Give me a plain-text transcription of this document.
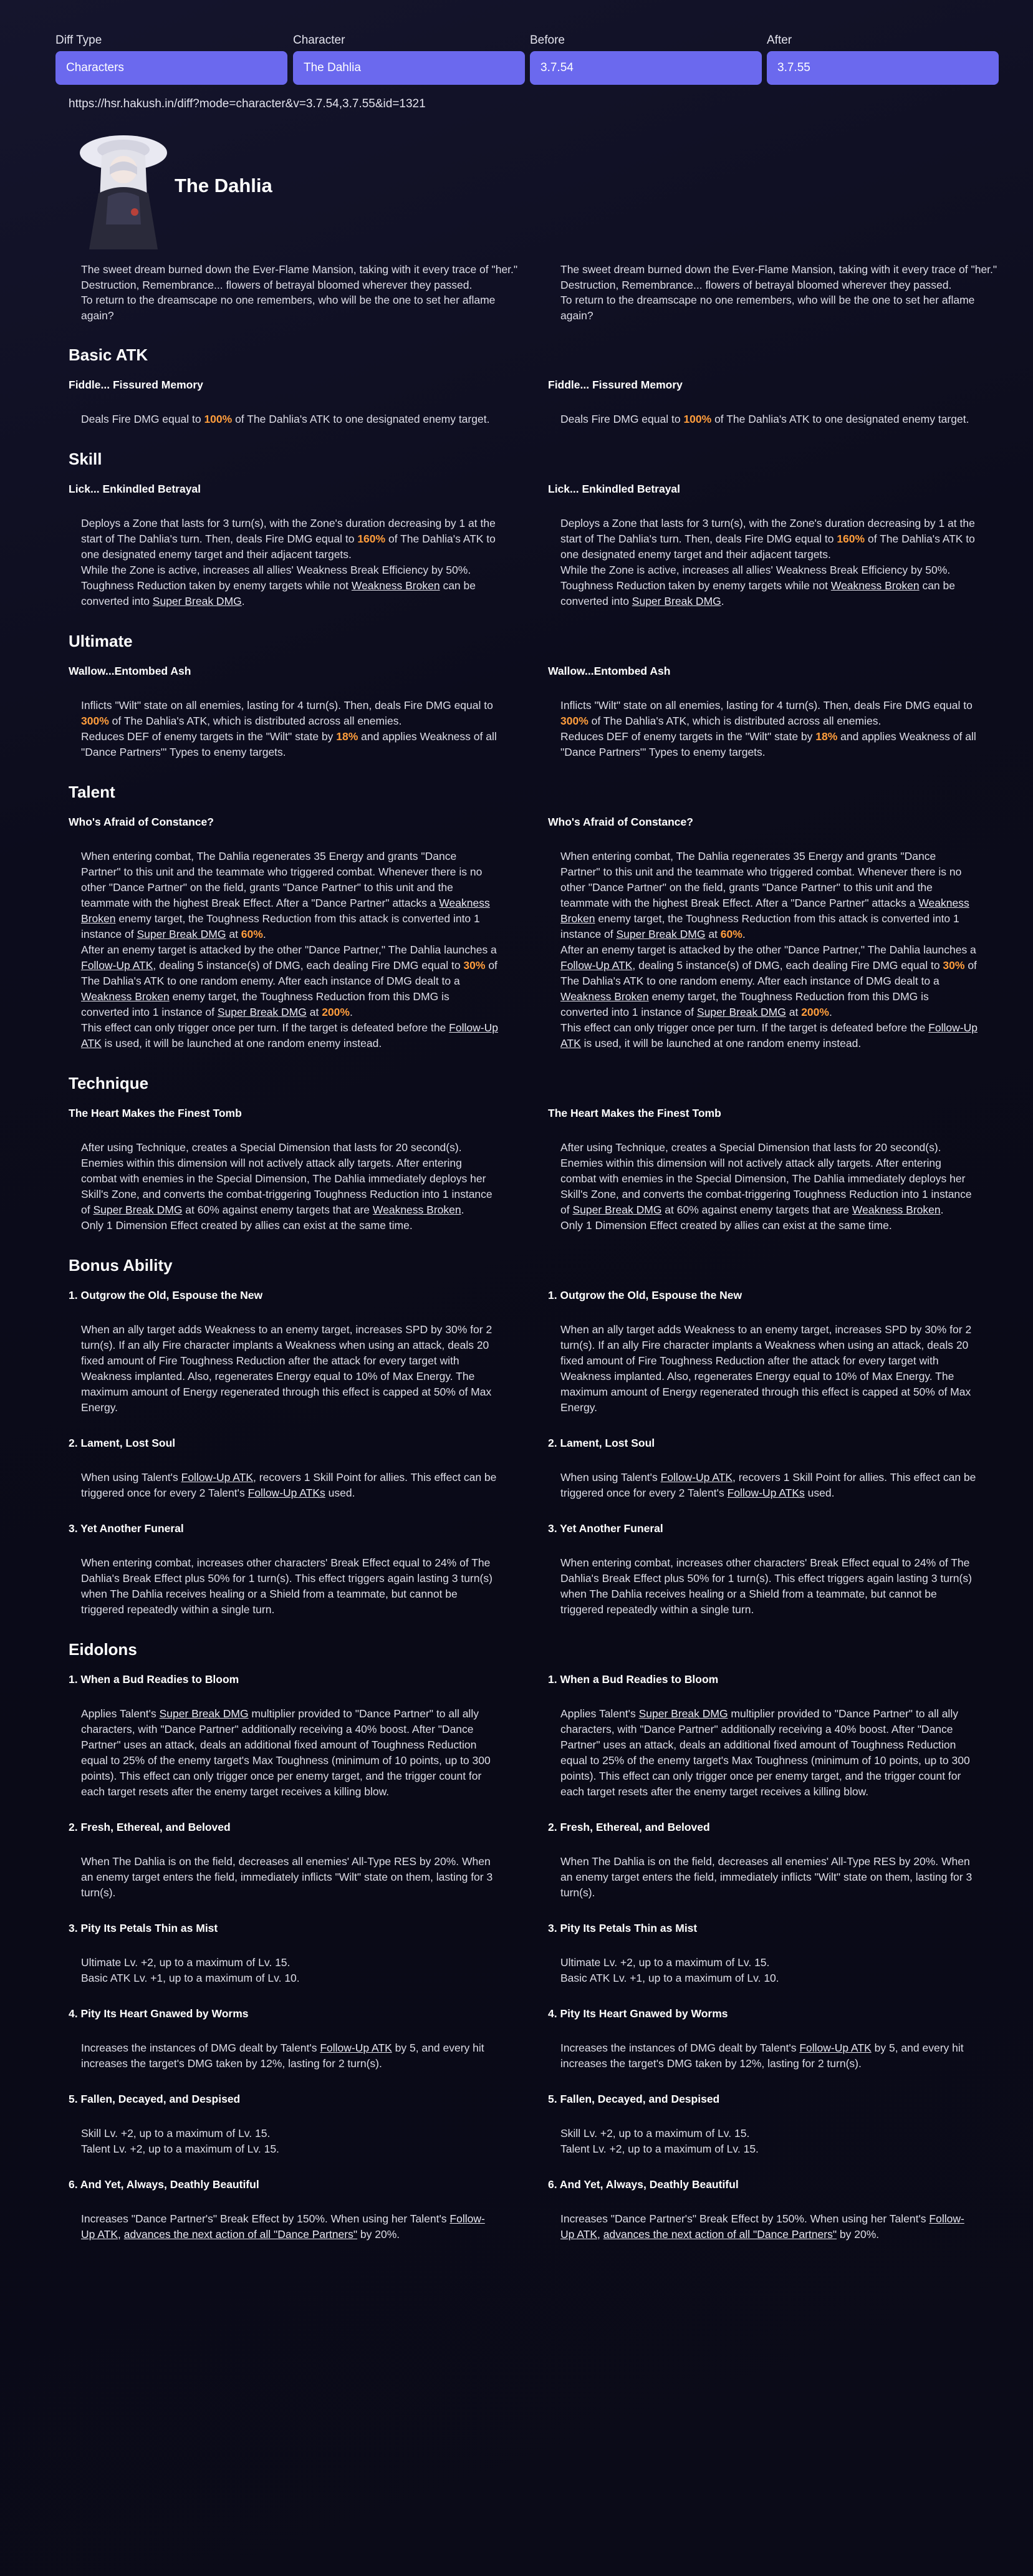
Diff Type
Characters
Character
The Dahlia
Before
3.7.54
After
3.7.55
https://hsr.hakush.in/diff?mode=character&v=3.7.54,3.7.55&id=1321
The Dahlia
The sweet dream burned down the Ever-Flame Mansion, taking with it every trace of "her."
Destruction, Remembrance... flowers of betrayal bloomed wherever they passed.
To return to the dreamscape no one remembers, who will be the one to set her aflame again?
The sweet dream burned down the Ever-Flame Mansion, taking with it every trace of "her."
Destruction, Remembrance... flowers of betrayal bloomed wherever they passed.
To return to the dreamscape no one remembers, who will be the one to set her aflame again?
Basic ATK
Fiddle... Fissured Memory
Deals Fire DMG equal to 100% of The Dahlia's ATK to one designated enemy target.
Fiddle... Fissured Memory
Deals Fire DMG equal to 100% of The Dahlia's ATK to one designated enemy target.
Skill
Lick... Enkindled Betrayal
Deploys a Zone that lasts for 3 turn(s), with the Zone's duration decreasing by 1 at the start of The Dahlia's turn. Then, deals Fire DMG equal to 160% of The Dahlia's ATK to one designated enemy target and their adjacent targets.
While the Zone is active, increases all allies' Weakness Break Efficiency by 50%.
Toughness Reduction taken by enemy targets while not Weakness Broken can be converted into Super Break DMG.
Lick... Enkindled Betrayal
Deploys a Zone that lasts for 3 turn(s), with the Zone's duration decreasing by 1 at the start of The Dahlia's turn. Then, deals Fire DMG equal to 160% of The Dahlia's ATK to one designated enemy target and their adjacent targets.
While the Zone is active, increases all allies' Weakness Break Efficiency by 50%.
Toughness Reduction taken by enemy targets while not Weakness Broken can be converted into Super Break DMG.
Ultimate
Wallow...Entombed Ash
Inflicts "Wilt" state on all enemies, lasting for 4 turn(s). Then, deals Fire DMG equal to 300% of The Dahlia's ATK, which is distributed across all enemies.
Reduces DEF of enemy targets in the "Wilt" state by 18% and applies Weakness of all "Dance Partners'" Types to enemy targets.
Wallow...Entombed Ash
Inflicts "Wilt" state on all enemies, lasting for 4 turn(s). Then, deals Fire DMG equal to 300% of The Dahlia's ATK, which is distributed across all enemies.
Reduces DEF of enemy targets in the "Wilt" state by 18% and applies Weakness of all "Dance Partners'" Types to enemy targets.
Talent
Who's Afraid of Constance?
When entering combat, The Dahlia regenerates 35 Energy and grants "Dance Partner" to this unit and the teammate who triggered combat. Whenever there is no other "Dance Partner" on the field, grants "Dance Partner" to this unit and the teammate with the highest Break Effect. After a "Dance Partner" attacks a Weakness Broken enemy target, the Toughness Reduction from this attack is converted into 1 instance of Super Break DMG at 60%.
After an enemy target is attacked by the other "Dance Partner," The Dahlia launches a Follow-Up ATK, dealing 5 instance(s) of DMG, each dealing Fire DMG equal to 30% of The Dahlia's ATK to one random enemy. After each instance of DMG dealt to a Weakness Broken enemy target, the Toughness Reduction from this DMG is converted into 1 instance of Super Break DMG at 200%.
This effect can only trigger once per turn. If the target is defeated before the Follow-Up ATK is used, it will be launched at one random enemy instead.
Who's Afraid of Constance?
When entering combat, The Dahlia regenerates 35 Energy and grants "Dance Partner" to this unit and the teammate who triggered combat. Whenever there is no other "Dance Partner" on the field, grants "Dance Partner" to this unit and the teammate with the highest Break Effect. After a "Dance Partner" attacks a Weakness Broken enemy target, the Toughness Reduction from this attack is converted into 1 instance of Super Break DMG at 60%.
After an enemy target is attacked by the other "Dance Partner," The Dahlia launches a Follow-Up ATK, dealing 5 instance(s) of DMG, each dealing Fire DMG equal to 30% of The Dahlia's ATK to one random enemy. After each instance of DMG dealt to a Weakness Broken enemy target, the Toughness Reduction from this DMG is converted into 1 instance of Super Break DMG at 200%.
This effect can only trigger once per turn. If the target is defeated before the Follow-Up ATK is used, it will be launched at one random enemy instead.
Technique
The Heart Makes the Finest Tomb
After using Technique, creates a Special Dimension that lasts for 20 second(s). Enemies within this dimension will not actively attack ally targets. After entering combat with enemies in the Special Dimension, The Dahlia immediately deploys her Skill's Zone, and converts the combat-triggering Toughness Reduction into 1 instance of Super Break DMG at 60% against enemy targets that are Weakness Broken.
Only 1 Dimension Effect created by allies can exist at the same time.
The Heart Makes the Finest Tomb
After using Technique, creates a Special Dimension that lasts for 20 second(s). Enemies within this dimension will not actively attack ally targets. After entering combat with enemies in the Special Dimension, The Dahlia immediately deploys her Skill's Zone, and converts the combat-triggering Toughness Reduction into 1 instance of Super Break DMG at 60% against enemy targets that are Weakness Broken.
Only 1 Dimension Effect created by allies can exist at the same time.
Bonus Ability
1. Outgrow the Old, Espouse the New
When an ally target adds Weakness to an enemy target, increases SPD by 30% for 2 turn(s). If an ally Fire character implants a Weakness when using an attack, deals 20 fixed amount of Fire Toughness Reduction after the attack for every target with Weakness implanted. Also, regenerates Energy equal to 10% of Max Energy. The maximum amount of Energy regenerated through this effect is capped at 50% of Max Energy.
1. Outgrow the Old, Espouse the New
When an ally target adds Weakness to an enemy target, increases SPD by 30% for 2 turn(s). If an ally Fire character implants a Weakness when using an attack, deals 20 fixed amount of Fire Toughness Reduction after the attack for every target with Weakness implanted. Also, regenerates Energy equal to 10% of Max Energy. The maximum amount of Energy regenerated through this effect is capped at 50% of Max Energy.
2. Lament, Lost Soul
When using Talent's Follow-Up ATK, recovers 1 Skill Point for allies. This effect can be triggered once for every 2 Talent's Follow-Up ATKs used.
2. Lament, Lost Soul
When using Talent's Follow-Up ATK, recovers 1 Skill Point for allies. This effect can be triggered once for every 2 Talent's Follow-Up ATKs used.
3. Yet Another Funeral
When entering combat, increases other characters' Break Effect equal to 24% of The Dahlia's Break Effect plus 50% for 1 turn(s). This effect triggers again lasting 3 turn(s) when The Dahlia receives healing or a Shield from a teammate, but cannot be triggered repeatedly within a single turn.
3. Yet Another Funeral
When entering combat, increases other characters' Break Effect equal to 24% of The Dahlia's Break Effect plus 50% for 1 turn(s). This effect triggers again lasting 3 turn(s) when The Dahlia receives healing or a Shield from a teammate, but cannot be triggered repeatedly within a single turn.
Eidolons
1. When a Bud Readies to Bloom
Applies Talent's Super Break DMG multiplier provided to "Dance Partner" to all ally characters, with "Dance Partner" additionally receiving a 40% boost. After "Dance Partner" uses an attack, deals an additional fixed amount of Toughness Reduction equal to 25% of the enemy target's Max Toughness (minimum of 10 points, up to 300 points). This effect can only trigger once per enemy target, and the trigger count for each target resets after the enemy target receives a killing blow.
1. When a Bud Readies to Bloom
Applies Talent's Super Break DMG multiplier provided to "Dance Partner" to all ally characters, with "Dance Partner" additionally receiving a 40% boost. After "Dance Partner" uses an attack, deals an additional fixed amount of Toughness Reduction equal to 25% of the enemy target's Max Toughness (minimum of 10 points, up to 300 points). This effect can only trigger once per enemy target, and the trigger count for each target resets after the enemy target receives a killing blow.
2. Fresh, Ethereal, and Beloved
When The Dahlia is on the field, decreases all enemies' All-Type RES by 20%. When an enemy target enters the field, immediately inflicts "Wilt" state on them, lasting for 3 turn(s).
2. Fresh, Ethereal, and Beloved
When The Dahlia is on the field, decreases all enemies' All-Type RES by 20%. When an enemy target enters the field, immediately inflicts "Wilt" state on them, lasting for 3 turn(s).
3. Pity Its Petals Thin as Mist
Ultimate Lv. +2, up to a maximum of Lv. 15.
Basic ATK Lv. +1, up to a maximum of Lv. 10.
3. Pity Its Petals Thin as Mist
Ultimate Lv. +2, up to a maximum of Lv. 15.
Basic ATK Lv. +1, up to a maximum of Lv. 10.
4. Pity Its Heart Gnawed by Worms
Increases the instances of DMG dealt by Talent's Follow-Up ATK by 5, and every hit increases the target's DMG taken by 12%, lasting for 2 turn(s).
4. Pity Its Heart Gnawed by Worms
Increases the instances of DMG dealt by Talent's Follow-Up ATK by 5, and every hit increases the target's DMG taken by 12%, lasting for 2 turn(s).
5. Fallen, Decayed, and Despised
Skill Lv. +2, up to a maximum of Lv. 15.
Talent Lv. +2, up to a maximum of Lv. 15.
5. Fallen, Decayed, and Despised
Skill Lv. +2, up to a maximum of Lv. 15.
Talent Lv. +2, up to a maximum of Lv. 15.
6. And Yet, Always, Deathly Beautiful
Increases "Dance Partner's" Break Effect by 150%. When using her Talent's Follow-Up ATK, advances the next action of all "Dance Partners" by 20%.
6. And Yet, Always, Deathly Beautiful
Increases "Dance Partner's" Break Effect by 150%. When using her Talent's Follow-Up ATK, advances the next action of all "Dance Partners" by 20%.
